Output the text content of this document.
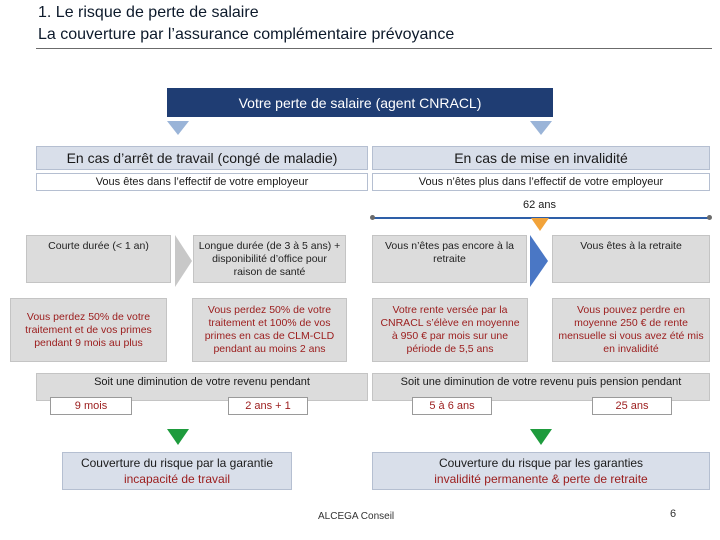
1. Le risque de perte de salaire
La couverture par l’assurance complémentaire prévoyance
Votre perte de salaire (agent CNRACL)
En cas d’arrêt de travail (congé de maladie)
Vous êtes dans l’effectif de votre employeur
En cas de mise en invalidité
Vous n’êtes plus dans l’effectif de votre employeur
62 ans
Courte durée (< 1 an)	Longue durée (de 3 à 5 ans) + disponibilité d’office pour raison de santé
Vous n’êtes pas encore à la retraite
Vous êtes à la retraite
Vous perdez 50% de votre traitement et de vos primes pendant 9 mois au plus
Vous perdez 50% de votre traitement et 100% de vos primes en cas de CLM-CLD pendant au moins 2 ans
Votre rente versée par la CNRACL s’élève en moyenne à 950 € par mois sur une période de 5,5 ans
Vous pouvez perdre en moyenne 250 € de rente mensuelle si vous avez été mis en invalidité
Soit une diminution de votre revenu pendant	Soit une diminution de votre revenu puis pension pendant
9 mois	2 ans + 1	5 à 6 ans	25 ans
Couverture du risque par la garantie
incapacité de travail
Couverture du risque par les garanties
invalidité permanente & perte de retraite
ALCEGA Conseil	6
